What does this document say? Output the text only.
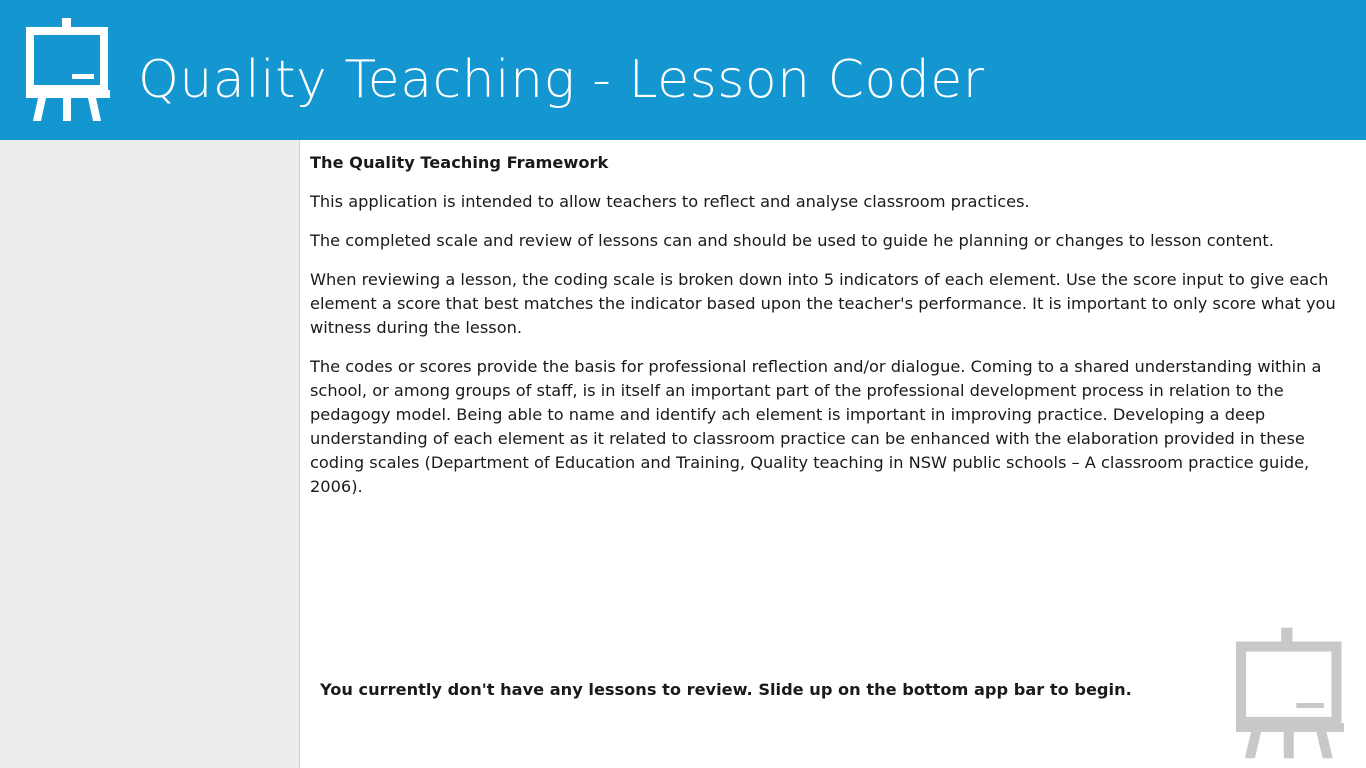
Quality Teaching - Lesson Coder
The Quality Teaching Framework

This application is intended to allow teachers to reflect and analyse classroom practices.

The completed scale and review of lessons can and should be used to guide he planning or changes to lesson content.

When reviewing a lesson, the coding scale is broken down into 5 indicators of each element. Use the score input to give each element a score that best matches the indicator based upon the teacher's performance. It is important to only score what you witness during the lesson.

The codes or scores provide the basis for professional reflection and/or dialogue. Coming to a shared understanding within a school, or among groups of staff, is in itself an important part of the professional development process in relation to the pedagogy model. Being able to name and identify ach element is important in improving practice. Developing a deep understanding of each element as it related to classroom practice can be enhanced with the elaboration provided in these coding scales (Department of Education and Training, Quality teaching in NSW public schools – A classroom practice guide, 2006).

You currently don't have any lessons to review. Slide up on the bottom app bar to begin.
